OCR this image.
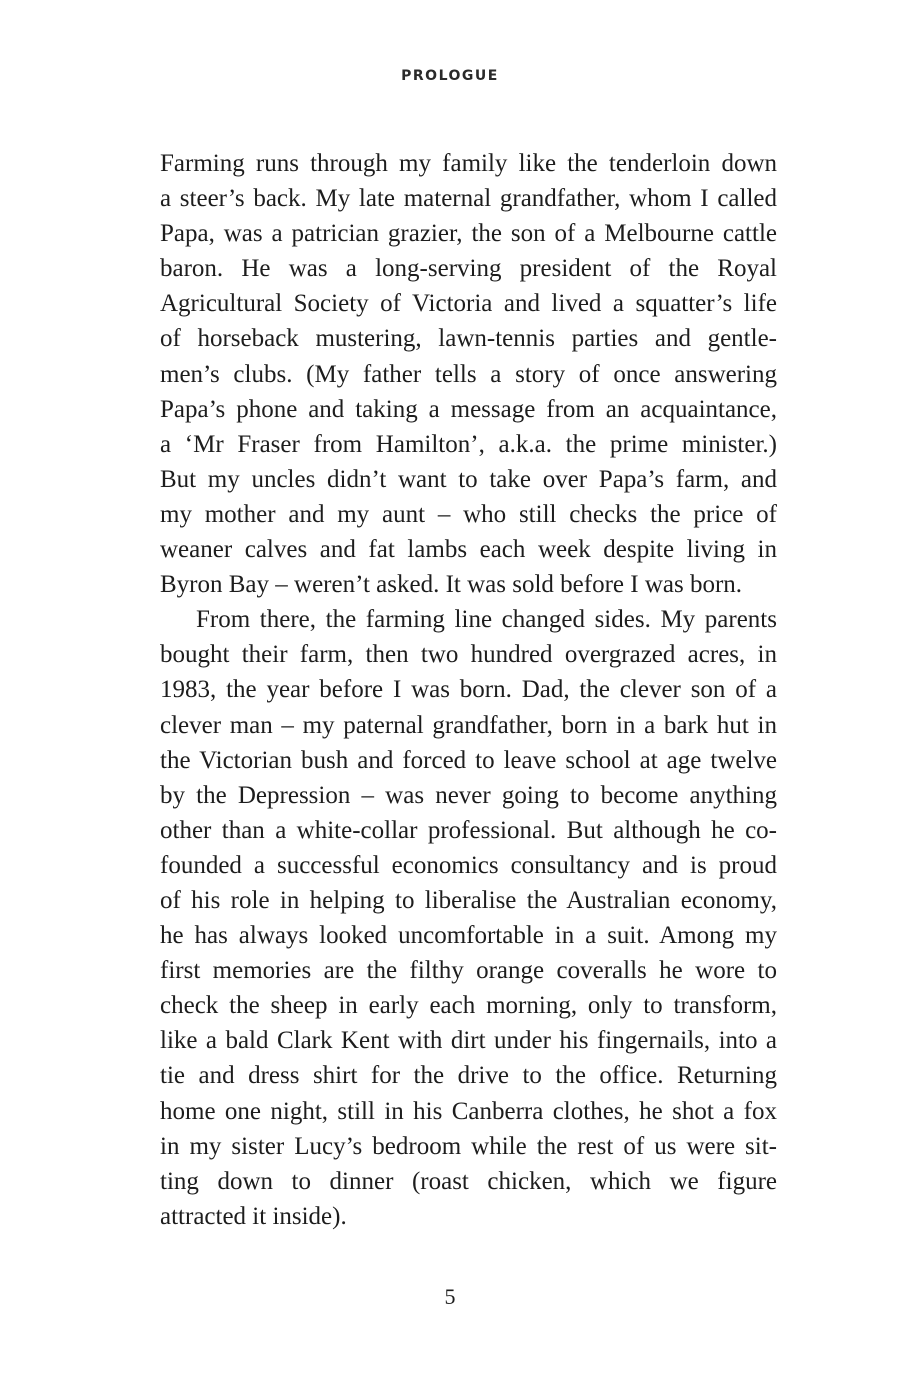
PROLOGUE
Farming runs through my family like the tenderloin down
a steer’s back. My late maternal grandfather, whom I called
Papa, was a patrician grazier, the son of a Melbourne cattle
baron. He was a long-serving president of the Royal
Agricultural Society of Victoria and lived a squatter’s life
of horseback mustering, lawn-tennis parties and gentle-
men’s clubs. (My father tells a story of once answering
Papa’s phone and taking a message from an acquaintance,
a ‘Mr Fraser from Hamilton’, a.k.a. the prime minister.)
But my uncles didn’t want to take over Papa’s farm, and
my mother and my aunt – who still checks the price of
weaner calves and fat lambs each week despite living in
Byron Bay – weren’t asked. It was sold before I was born.
From there, the farming line changed sides. My parents
bought their farm, then two hundred overgrazed acres, in
1983, the year before I was born. Dad, the clever son of a
clever man – my paternal grandfather, born in a bark hut in
the Victorian bush and forced to leave school at age twelve
by the Depression – was never going to become anything
other than a white-collar professional. But although he co-
founded a successful economics consultancy and is proud
of his role in helping to liberalise the Australian economy,
he has always looked uncomfortable in a suit. Among my
first memories are the filthy orange coveralls he wore to
check the sheep in early each morning, only to transform,
like a bald Clark Kent with dirt under his fingernails, into a
tie and dress shirt for the drive to the office. Returning
home one night, still in his Canberra clothes, he shot a fox
in my sister Lucy’s bedroom while the rest of us were sit-
ting down to dinner (roast chicken, which we figure
attracted it inside).
5
